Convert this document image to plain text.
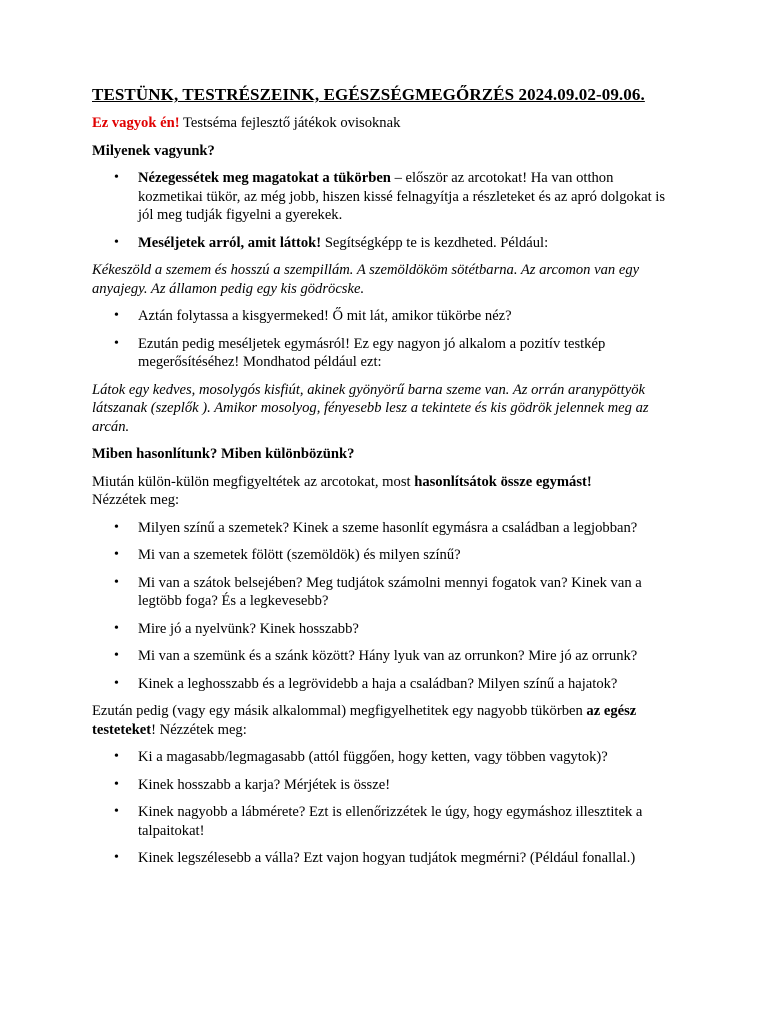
TESTÜNK, TESTRÉSZEINK, EGÉSZSÉGMEGŐRZÉS 2024.09.02-09.06.

Ez vagyok én! Testséma fejlesztő játékok ovisoknak

Milyenek vagyunk?

• Nézegessétek meg magatokat a tükörben – először az arcotokat! Ha van otthon kozmetikai tükör, az még jobb, hiszen kissé felnagyítja a részleteket és az apró dolgokat is jól meg tudják figyelni a gyerekek.
• Meséljetek arról, amit láttok! Segítségképp te is kezdheted. Például:

Kékeszöld a szemem és hosszú a szempillám. A szemöldököm sötétbarna. Az arcomon van egy anyajegy. Az államon pedig egy kis gödröcske.

• Aztán folytassa a kisgyermeked! Ő mit lát, amikor tükörbe néz?
• Ezután pedig meséljetek egymásról! Ez egy nagyon jó alkalom a pozitív testkép megerősítéséhez! Mondhatod például ezt:

Látok egy kedves, mosolygós kisfiút, akinek gyönyörű barna szeme van. Az orrán aranypöttyök látszanak (szeplők ). Amikor mosolyog, fényesebb lesz a tekintete és kis gödrök jelennek meg az arcán.

Miben hasonlítunk? Miben különbözünk?

Miután külön-külön megfigyeltétek az arcotokat, most hasonlítsátok össze egymást!
Nézzétek meg:

• Milyen színű a szemetek? Kinek a szeme hasonlít egymásra a családban a legjobban?
• Mi van a szemetek fölött (szemöldök) és milyen színű?
• Mi van a szátok belsejében? Meg tudjátok számolni mennyi fogatok van? Kinek van a legtöbb foga? És a legkevesebb?
• Mire jó a nyelvünk? Kinek hosszabb?
• Mi van a szemünk és a szánk között? Hány lyuk van az orrunkon? Mire jó az orrunk?
• Kinek a leghosszabb és a legrövidebb a haja a családban? Milyen színű a hajatok?

Ezután pedig (vagy egy másik alkalommal) megfigyelhetitek egy nagyobb tükörben az egész testeteket! Nézzétek meg:

• Ki a magasabb/legmagasabb (attól függően, hogy ketten, vagy többen vagytok)?
• Kinek hosszabb a karja? Mérjétek is össze!
• Kinek nagyobb a lábmérete? Ezt is ellenőrizzétek le úgy, hogy egymáshoz illesztitek a talpaitokat!
• Kinek legszélesebb a válla? Ezt vajon hogyan tudjátok megmérni? (Például fonallal.)
